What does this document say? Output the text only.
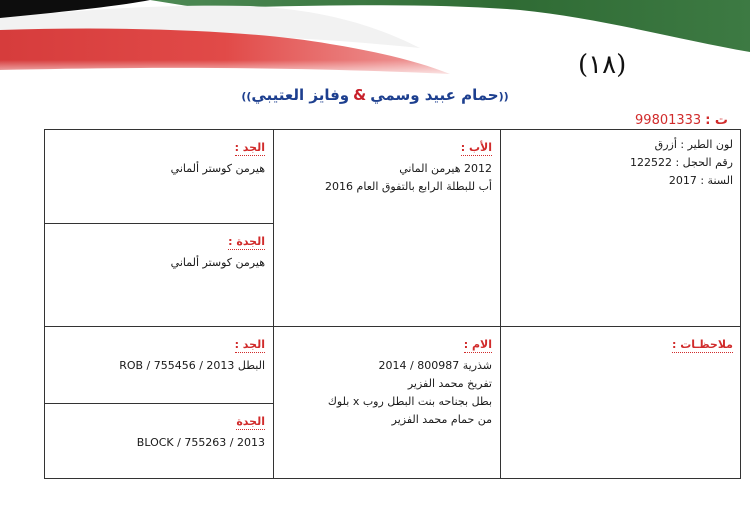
(١٨)
((حمام عبيد وسمي&وفايز العتيبي))
ت :99801333
لون الطير : أزرق
رقم الحجل : 122522
السنة : 2017
الأب :
2012 هيرمن الماني
أب للبطلة الرابع بالتفوق العام 2016
الجد :
هيرمن كوستر ألماني
الجدة :
هيرمن كوستر ألماني
ملاحظـات :
الام :
شذرية 800987 / 2014
تفريخ محمد الفزير
بطل بجناحه بنت البطل روب x بلوك
من حمام محمد الفزير
الجد :
البطل ROB / 755456 / 2013
الجدة
BLOCK / 755263 / 2013
